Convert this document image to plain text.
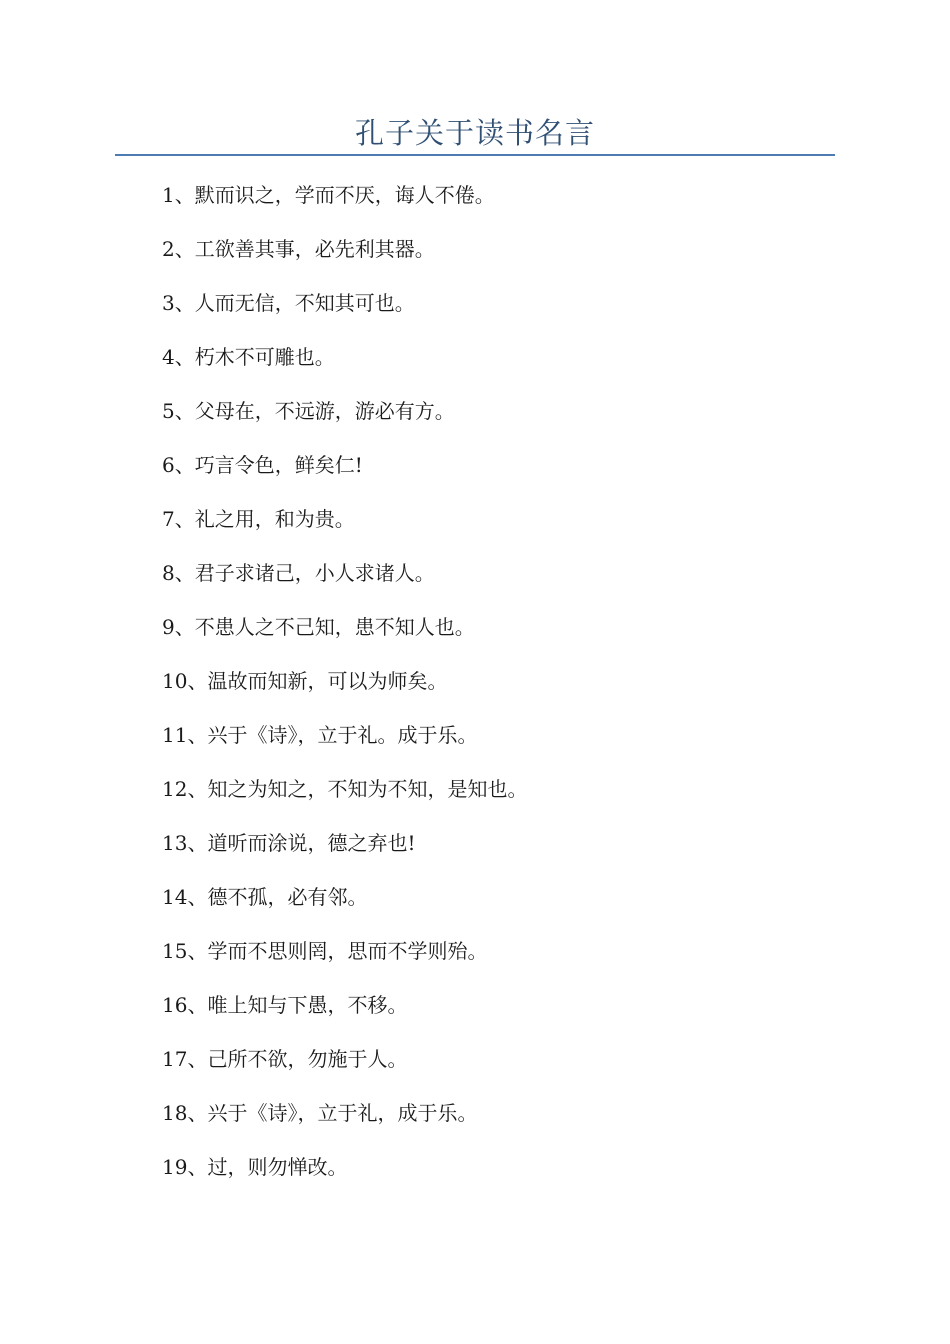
孔子关于读书名言
1、默而识之，学而不厌，诲人不倦。
2、工欲善其事，必先利其器。
3、人而无信，不知其可也。
4、朽木不可雕也。
5、父母在，不远游，游必有方。
6、巧言令色，鲜矣仁!
7、礼之用，和为贵。
8、君子求诸己，小人求诸人。
9、不患人之不己知，患不知人也。
10、温故而知新，可以为师矣。
11、兴于《诗》，立于礼。成于乐。
12、知之为知之，不知为不知，是知也。
13、道听而涂说，德之弃也!
14、德不孤，必有邻。
15、学而不思则罔，思而不学则殆。
16、唯上知与下愚，不移。
17、己所不欲，勿施于人。
18、兴于《诗》，立于礼，成于乐。
19、过，则勿惮改。
